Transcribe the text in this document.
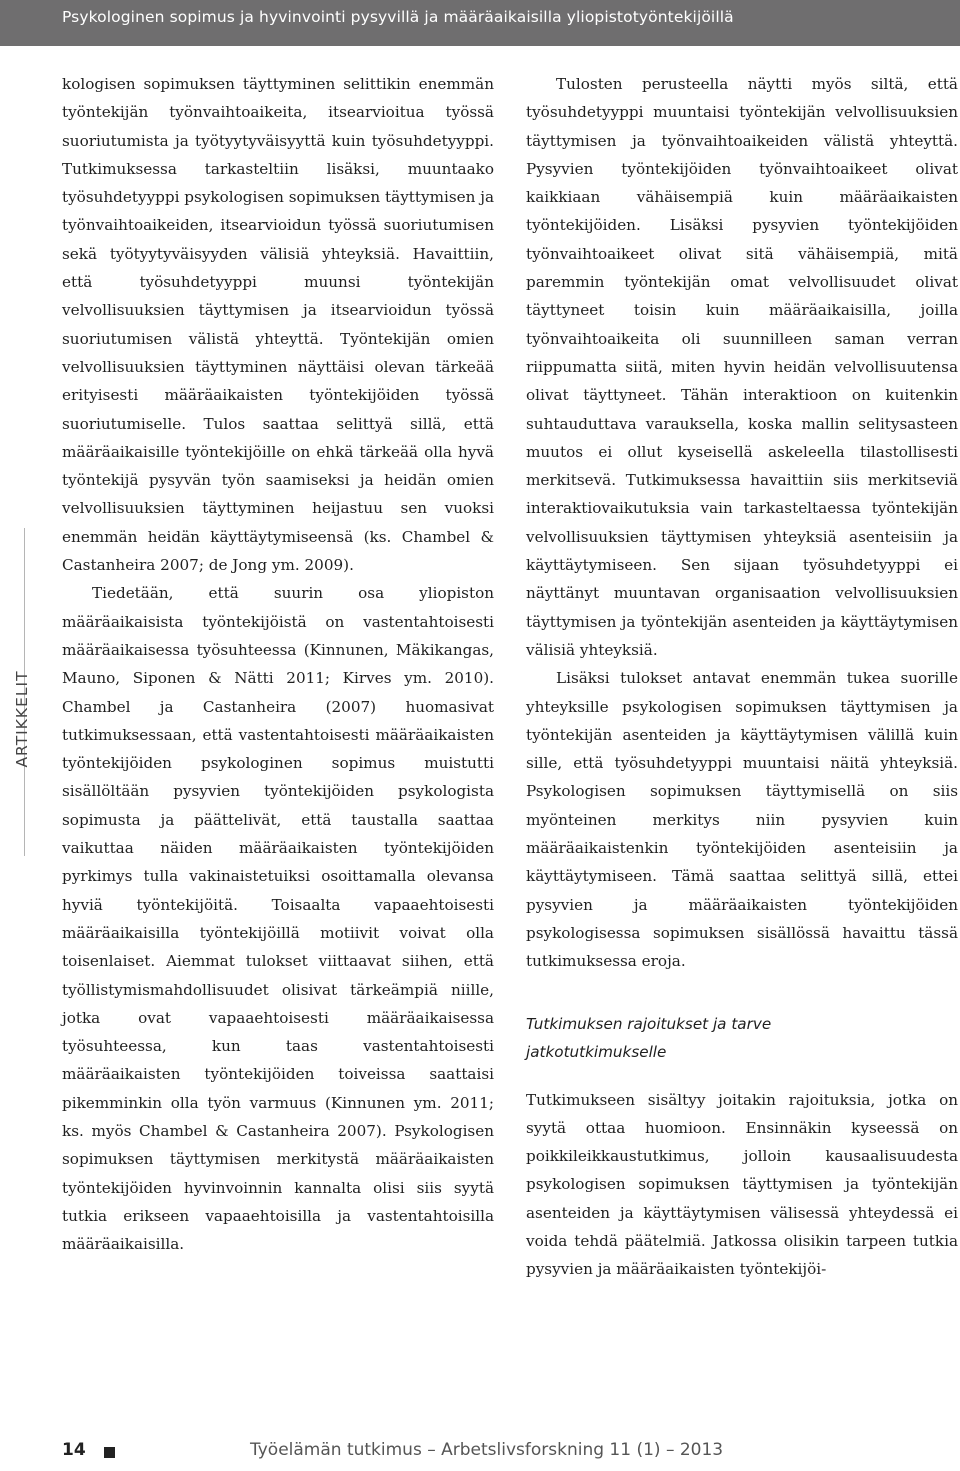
Psykologinen sopimus ja hyvinvointi pysyvillä ja määräaikaisilla yliopistotyöntekijöillä
ARTIKKELIT

kologisen sopimuksen täyttyminen selittikin enemmän työntekijän työnvaihtoaikeita, itsearvioitua työssä suoriutumista ja työtyytyväisyyttä kuin työsuhdetyyppi. Tutkimuksessa tarkasteltiin lisäksi, muuntaako työsuhdetyyppi psykologisen sopimuksen täyttymisen ja työnvaihtoaikeiden, itsearvioidun työssä suoriutumisen sekä työtyytyväisyyden välisiä yhteyksiä. Havaittiin, että työsuhdetyyppi muunsi työntekijän velvollisuuksien täyttymisen ja itsearvioidun työssä suoriutumisen välistä yhteyttä. Työntekijän omien velvollisuuksien täyttyminen näyttäisi olevan tärkeää erityisesti määräaikaisten työntekijöiden työssä suoriutumiselle. Tulos saattaa selittyä sillä, että määräaikaisille työntekijöille on ehkä tärkeää olla hyvä työntekijä pysyvän työn saamiseksi ja heidän omien velvollisuuksien täyttyminen heijastuu sen vuoksi enemmän heidän käyttäytymiseensä (ks. Chambel & Castanheira 2007; de Jong ym. 2009).

Tiedetään, että suurin osa yliopiston määräaikaisista työntekijöistä on vastentahtoisesti määräaikaisessa työsuhteessa (Kinnunen, Mäkikangas, Mauno, Siponen & Nätti 2011; Kirves ym. 2010). Chambel ja Castanheira (2007) huomasivat tutkimuksessaan, että vastentahtoisesti määräaikaisten työntekijöiden psykologinen sopimus muistutti sisällöltään pysyvien työntekijöiden psykologista sopimusta ja päättelivät, että taustalla saattaa vaikuttaa näiden määräaikaisten työntekijöiden pyrkimys tulla vakinaistetuiksi osoittamalla olevansa hyviä työntekijöitä. Toisaalta vapaaehtoisesti määräaikaisilla työntekijöillä motiivit voivat olla toisenlaiset. Aiemmat tulokset viittaavat siihen, että työllistymismahdollisuudet olisivat tärkeämpiä niille, jotka ovat vapaaehtoisesti määräaikaisessa työsuhteessa, kun taas vastentahtoisesti määräaikaisten työntekijöiden toiveissa saattaisi pikemminkin olla työn varmuus (Kinnunen ym. 2011; ks. myös Chambel & Castanheira 2007). Psykologisen sopimuksen täyttymisen merkitystä määräaikaisten työntekijöiden hyvinvoinnin kannalta olisi siis syytä tutkia erikseen vapaaehtoisilla ja vastentahtoisilla määräaikaisilla.

Tulosten perusteella näytti myös siltä, että työsuhdetyyppi muuntaisi työntekijän velvollisuuksien täyttymisen ja työnvaihtoaikeiden välistä yhteyttä. Pysyvien työntekijöiden työnvaihtoaikeet olivat kaikkiaan vähäisempiä kuin määräaikaisten työntekijöiden. Lisäksi pysyvien työntekijöiden työnvaihtoaikeet olivat sitä vähäisempiä, mitä paremmin työntekijän omat velvollisuudet olivat täyttyneet toisin kuin määräaikaisilla, joilla työnvaihtoaikeita oli suunnilleen saman verran riippumatta siitä, miten hyvin heidän velvollisuutensa olivat täyttyneet. Tähän interaktioon on kuitenkin suhtauduttava varauksella, koska mallin selitysasteen muutos ei ollut kyseisellä askeleella tilastollisesti merkitsevä. Tutkimuksessa havaittiin siis merkitseviä interaktiovaikutuksia vain tarkasteltaessa työntekijän velvollisuuksien täyttymisen yhteyksiä asenteisiin ja käyttäytymiseen. Sen sijaan työsuhdetyyppi ei näyttänyt muuntavan organisaation velvollisuuksien täyttymisen ja työntekijän asenteiden ja käyttäytymisen välisiä yhteyksiä.

Lisäksi tulokset antavat enemmän tukea suorille yhteyksille psykologisen sopimuksen täyttymisen ja työntekijän asenteiden ja käyttäytymisen välillä kuin sille, että työsuhdetyyppi muuntaisi näitä yhteyksiä. Psykologisen sopimuksen täyttymisellä on siis myönteinen merkitys niin pysyvien kuin määräaikaistenkin työntekijöiden asenteisiin ja käyttäytymiseen. Tämä saattaa selittyä sillä, ettei pysyvien ja määräaikaisten työntekijöiden psykologisessa sopimuksen sisällössä havaittu tässä tutkimuksessa eroja.

Tutkimuksen rajoitukset ja tarve
jatkotutkimukselle

Tutkimukseen sisältyy joitakin rajoituksia, jotka on syytä ottaa huomioon. Ensinnäkin kyseessä on poikkileikkaustutkimus, jolloin kausaalisuudesta psykologisen sopimuksen täyttymisen ja työntekijän asenteiden ja käyttäytymisen välisessä yhteydessä ei voida tehdä päätelmiä. Jatkossa olisikin tarpeen tutkia pysyvien ja määräaikaisten työntekijöi-

14	Työelämän tutkimus – Arbetslivsforskning 11 (1) – 2013
